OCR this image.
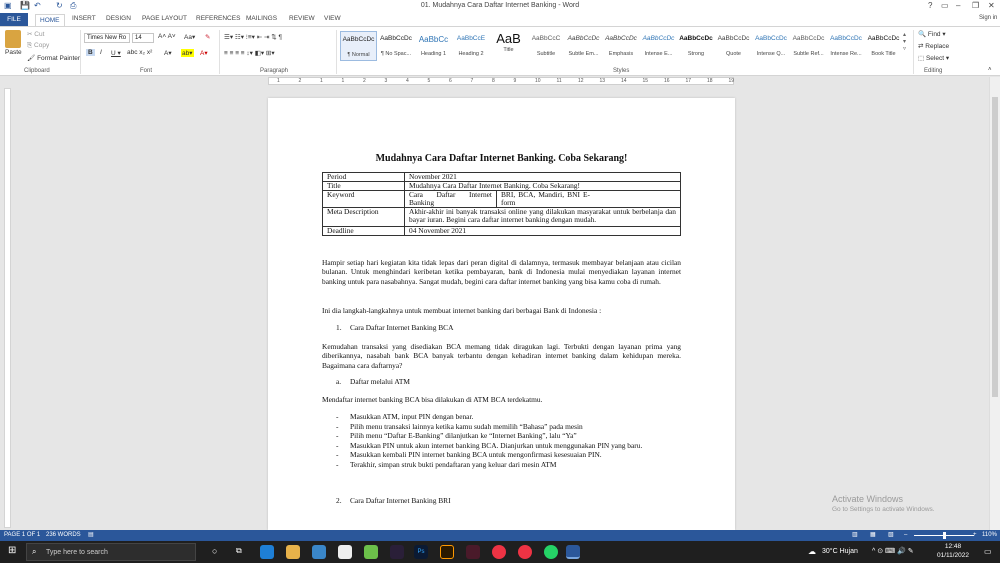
▣ 💾 ↶ ↻ ⎙	01. Mudahnya Cara Daftar Internet Banking - Word	? ▭ – ❐ ✕
HOME	INSERT DESIGN PAGE LAYOUT REFERENCES MAILINGS REVIEW VIEW	Sign in
FILE
Paste
✂ Cut
⎘ Copy
🖌 Format Painter
Clipboard
Times New Ro	14	A˄ A˅ Aa▾ ✎
B	I U ▾ abc x₂ x² A▾ ab▾ A▾
Font
☰▾ ☷▾ ⁝≡▾ ⇤ ⇥ ⇅ ¶
≡ ≡ ≡ ≡ ↕▾ ◧▾ ⊞▾
Paragraph
AaBbCcDc
¶ Normal
AaBbCcDc
¶ No Spac...
AaBbCc
Heading 1
AaBbCcE
Heading 2
AaB
Title
AaBbCcC
Subtitle
AaBbCcDc
Subtle Em...
AaBbCcDc
Emphasis
AaBbCcDc
Intense E...
AaBbCcDc
Strong
AaBbCcDc
Quote
AaBbCcDc
Intense Q...
AaBbCcDc
Subtle Ref...
AaBbCcDc
Intense Re...
AaBbCcDc
Book Title
▴
▾
▿
Styles
🔍 Find ▾
⇄ Replace
⬚ Select ▾
Editing	˄
1	2	1	1	2	3	4	5	6	7	8	9	10	11	12	13	14	15	16	17	18	19
Mudahnya Cara Daftar Internet Banking. Coba Sekarang!
Period	November 2021	
Title	Mudahnya Cara Daftar Internet Banking. Coba Sekarang!	
Keyword	Cara Daftar Internet Banking	BRI, BCA, Mandiri, BNI E-form
Meta Description	Akhir-akhir ini banyak transaksi online yang dilakukan masyarakat untuk berbelanja dan bayar iuran. Begini cara daftar internet banking dengan mudah.	
Deadline	04 November 2021	
Hampir setiap hari kegiatan kita tidak lepas dari peran digital di dalamnya, termasuk membayar belanjaan atau cicilan bulanan. Untuk menghindari keribetan ketika pembayaran, bank di Indonesia mulai menyediakan layanan internet banking untuk para nasabahnya. Sangat mudah, begini cara daftar internet banking yang bisa kamu coba di rumah.
Ini dia langkah-langkahnya untuk membuat internet banking dari berbagai Bank di Indonesia :
1. Cara Daftar Internet Banking BCA
Kemudahan transaksi yang disediakan BCA memang tidak diragukan lagi. Terbukti dengan layanan prima yang diberikannya, nasabah bank BCA banyak terbantu dengan kehadiran internet banking dalam kehidupan mereka. Bagaimana cara daftarnya?
a. Daftar melalui ATM
Mendaftar internet banking BCA bisa dilakukan di ATM BCA terdekatmu.
- Masukkan ATM, input PIN dengan benar.
- Pilih menu transaksi lainnya ketika kamu sudah memilih “Bahasa” pada mesin
- Pilih menu “Daftar E-Banking” dilanjutkan ke “Internet Banking”, lalu “Ya”
- Masukkan PIN untuk akun internet banking BCA. Dianjurkan untuk menggunakan PIN yang baru.
- Masukkan kembali PIN internet banking BCA untuk mengonfirmasi kesesuaian PIN.
- Terakhir, simpan struk bukti pendaftaran yang keluar dari mesin ATM
2. Cara Daftar Internet Banking BRI	Activate Windows
Go to Settings to activate Windows.
PAGE 1 OF 1 236 WORDS ▤	▥ ▦ ▧ –	+ 110%
⊞ ⌕ Type here to search	○ ⧉	Ps	☁ 30°C Hujan ^ ⊙ ⌨ 🔊 ✎
12:48
01/11/2022	▭
